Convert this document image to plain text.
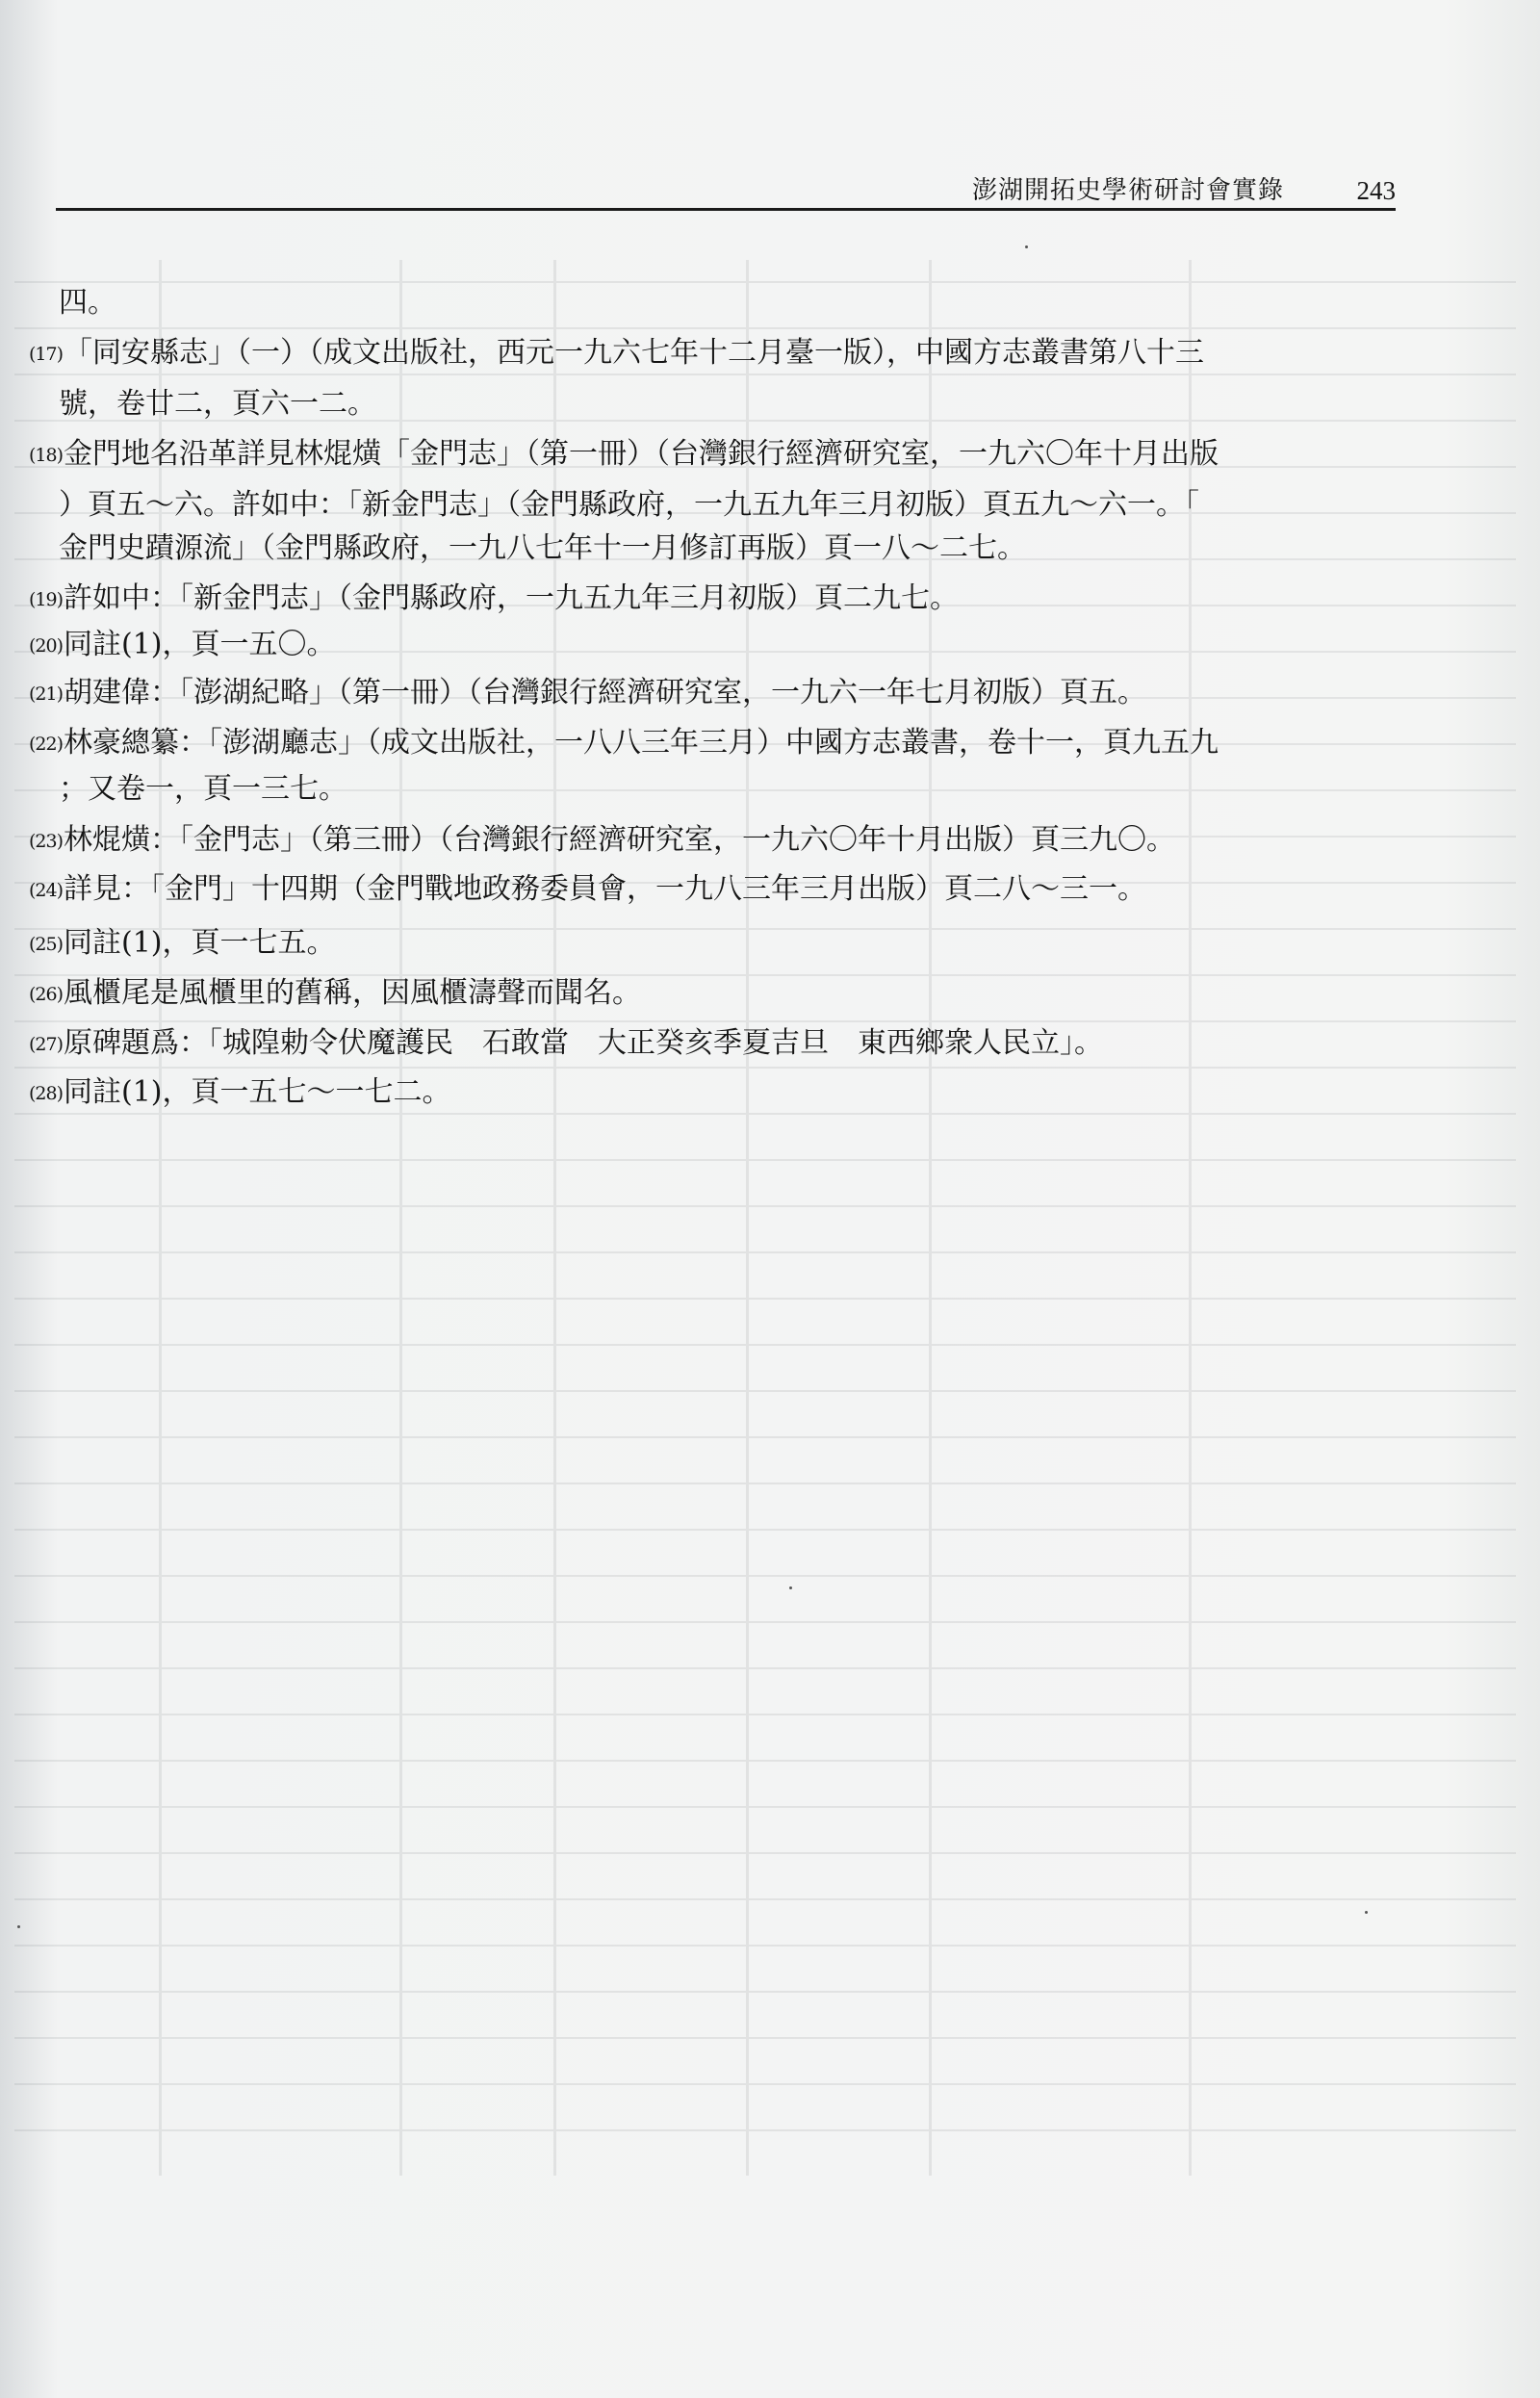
澎湖開拓史學術研討會實錄	243
四。
(17)「同安縣志」（一）（成文出版社，西元一九六七年十二月臺一版），中國方志叢書第八十三
號，卷廿二，頁六一二。
(18)金門地名沿革詳見林焜熿「金門志」（第一冊）（台灣銀行經濟研究室，一九六〇年十月出版
）頁五～六。許如中：「新金門志」（金門縣政府，一九五九年三月初版）頁五九～六一。「
金門史蹟源流」（金門縣政府，一九八七年十一月修訂再版）頁一八～二七。
(19)許如中：「新金門志」（金門縣政府，一九五九年三月初版）頁二九七。
(20)同註(1)，頁一五〇。
(21)胡建偉：「澎湖紀略」（第一冊）（台灣銀行經濟研究室，一九六一年七月初版）頁五。
(22)林豪總纂：「澎湖廳志」（成文出版社，一八八三年三月）中國方志叢書，卷十一，頁九五九
；又卷一，頁一三七。
(23)林焜熿：「金門志」（第三冊）（台灣銀行經濟研究室，一九六〇年十月出版）頁三九〇。
(24)詳見：「金門」十四期（金門戰地政務委員會，一九八三年三月出版）頁二八～三一。
(25)同註(1)，頁一七五。
(26)風櫃尾是風櫃里的舊稱，因風櫃濤聲而聞名。
(27)原碑題爲：「城隍勅令伏魔護民　石敢當　大正癸亥季夏吉旦　東西鄉衆人民立」。
(28)同註(1)，頁一五七～一七二。
